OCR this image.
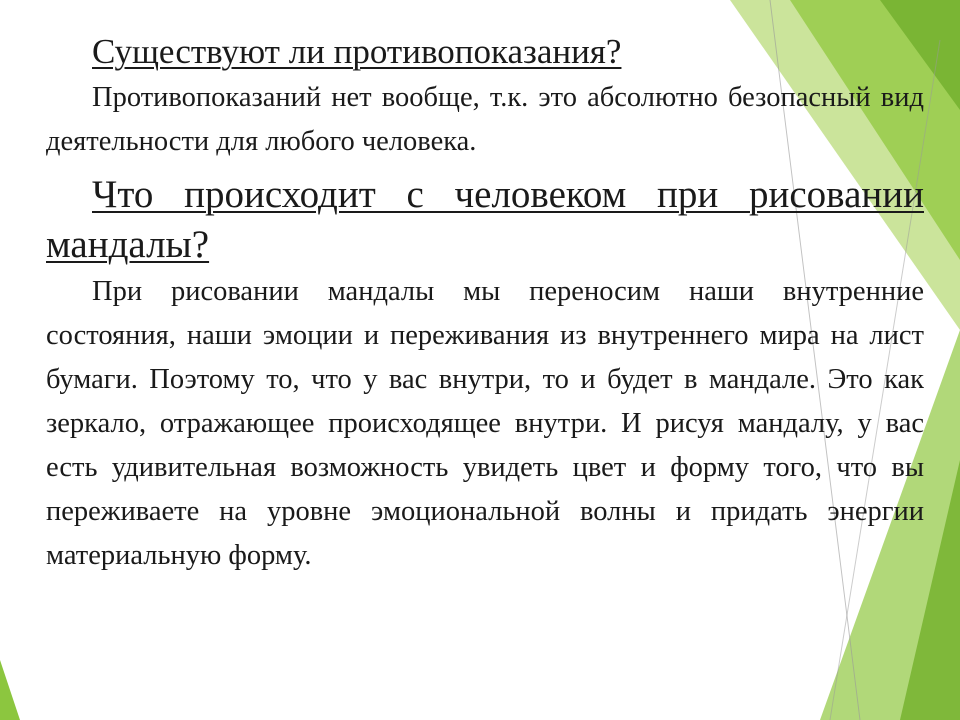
Существуют ли противопоказания?

Противопоказаний нет вообще, т.к. это абсолютно безопасный вид деятельности для любого человека.

Что происходит с человеком при рисовании мандалы?

При рисовании мандалы мы переносим наши внутренние состояния, наши эмоции и переживания из внутреннего мира на лист бумаги. Поэтому то, что у вас внутри, то и будет в мандале. Это как зеркало, отражающее происходящее внутри. И рисуя мандалу, у вас есть удивительная возможность увидеть цвет и форму того, что вы переживаете на уровне эмоциональной волны и придать энергии материальную форму.
